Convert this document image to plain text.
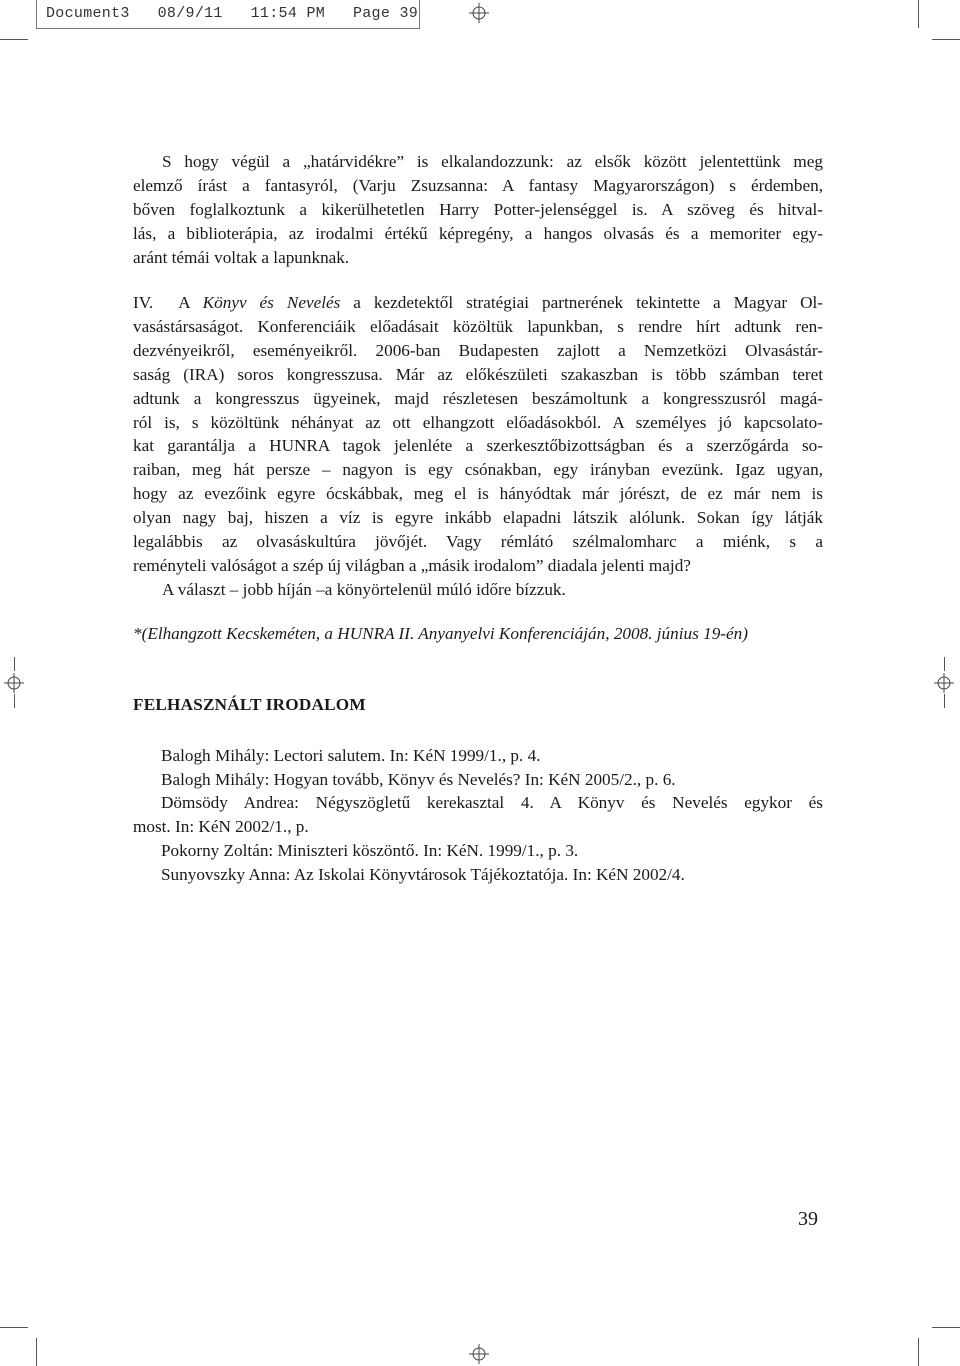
Document3   08/9/11   11:54 PM   Page 39
S hogy végül a „határvidékre” is elkalandozzunk: az elsők között jelentettünk meg
elemző írást a fantasyról, (Varju Zsuzsanna: A fantasy Magyarországon) s érdemben,
bőven foglalkoztunk a kikerülhetetlen Harry Potter-jelenséggel is. A szöveg és hitval-
lás, a biblioterápia, az irodalmi értékű képregény, a hangos olvasás és a memoriter egy-
aránt témái voltak a lapunknak.
IV.  A Könyv és Nevelés a kezdetektől stratégiai partnerének tekintette a Magyar Ol-
vasástársaságot. Konferenciáik előadásait közöltük lapunkban, s rendre hírt adtunk ren-
dezvényeikről, eseményeikről. 2006-ban Budapesten zajlott a Nemzetközi Olvasástár-
saság (IRA) soros kongresszusa. Már az előkészületi szakaszban is több számban teret
adtunk a kongresszus ügyeinek, majd részletesen beszámoltunk a kongresszusról magá-
ról is, s közöltünk néhányat az ott elhangzott előadásokból. A személyes jó kapcsolato-
kat garantálja a HUNRA tagok jelenléte a szerkesztőbizottságban és a szerzőgárda so-
raiban, meg hát persze – nagyon is egy csónakban, egy irányban evezünk. Igaz ugyan,
hogy az evezőink egyre ócskábbak, meg el is hányódtak már jórészt, de ez már nem is
olyan nagy baj, hiszen a víz is egyre inkább elapadni látszik alólunk. Sokan így látják
legalábbis az olvasáskultúra jövőjét. Vagy rémlátó szélmalomharc a miénk, s a
reményteli valóságot a szép új világban a „másik irodalom” diadala jelenti majd?
A választ – jobb híján –a könyörtelenül múló időre bízzuk.
*(Elhangzott Kecskeméten, a HUNRA II. Anyanyelvi Konferenciáján, 2008. június 19-én)
FELHASZNÁLT IRODALOM
Balogh Mihály: Lectori salutem. In: KéN 1999/1., p. 4.
Balogh Mihály: Hogyan tovább, Könyv és Nevelés? In: KéN 2005/2., p. 6.
Dömsödy Andrea: Négyszögletű kerekasztal 4. A Könyv és Nevelés egykor és
most. In: KéN 2002/1., p.
Pokorny Zoltán: Miniszteri köszöntő. In: KéN. 1999/1., p. 3.
Sunyovszky Anna: Az Iskolai Könyvtárosok Tájékoztatója. In: KéN 2002/4.
39
